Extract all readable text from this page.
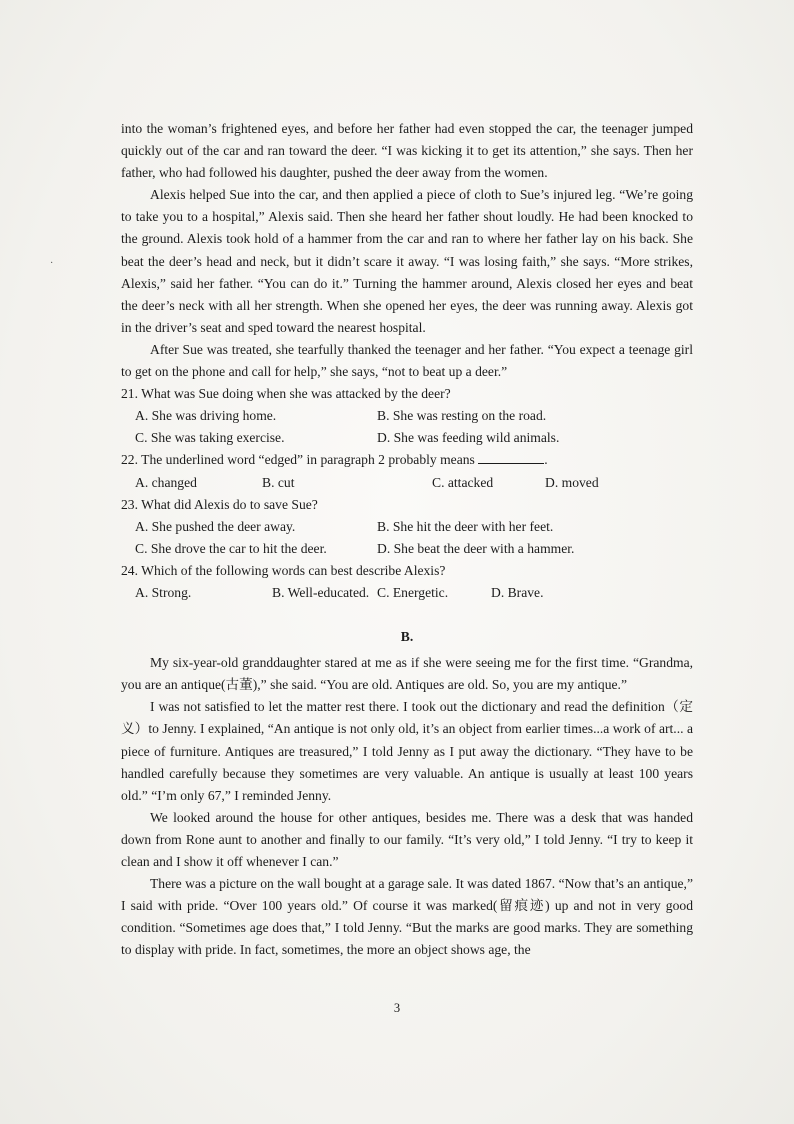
·

into the woman’s frightened eyes, and before her father had even stopped the car, the teenager jumped quickly out of the car and ran toward the deer. “I was kicking it to get its attention,” she says. Then her father, who had followed his daughter, pushed the deer away from the women.

Alexis helped Sue into the car, and then applied a piece of cloth to Sue’s injured leg. “We’re going to take you to a hospital,” Alexis said. Then she heard her father shout loudly. He had been knocked to the ground. Alexis took hold of a hammer from the car and ran to where her father lay on his back. She beat the deer’s head and neck, but it didn’t scare it away. “I was losing faith,” she says. “More strikes, Alexis,” said her father. “You can do it.” Turning the hammer around, Alexis closed her eyes and beat the deer’s neck with all her strength. When she opened her eyes, the deer was running away. Alexis got in the driver’s seat and sped toward the nearest hospital.

After Sue was treated, she tearfully thanked the teenager and her father. “You expect a teenage girl to get on the phone and call for help,” she says, “not to beat up a deer.”

21. What was Sue doing when she was attacked by the deer?
A. She was driving home.	B. She was resting on the road.
C. She was taking exercise.	D. She was feeding wild animals.
22. The underlined word “edged” in paragraph 2 probably means	.
A. changed	B. cut	C. attacked	D. moved
23. What did Alexis do to save Sue?
A. She pushed the deer away.	B. She hit the deer with her feet.
C. She drove the car to hit the deer.	D. She beat the deer with a hammer.
24. Which of the following words can best describe Alexis?
A. Strong.	B. Well-educated. C. Energetic.	D. Brave.
B.

My six-year-old granddaughter stared at me as if she were seeing me for the first time. “Grandma, you are an antique(古董),” she said. “You are old. Antiques are old. So, you are my antique.”

I was not satisfied to let the matter rest there. I took out the dictionary and read the definition（定义）to Jenny. I explained, “An antique is not only old, it’s an object from earlier times...a work of art... a piece of furniture. Antiques are treasured,” I told Jenny as I put away the dictionary. “They have to be handled carefully because they sometimes are very valuable. An antique is usually at least 100 years old.” “I’m only 67,” I reminded Jenny.

We looked around the house for other antiques, besides me. There was a desk that was handed down from Rone aunt to another and finally to our family. “It’s very old,” I told Jenny. “I try to keep it clean and I show it off whenever I can.”

There was a picture on the wall bought at a garage sale. It was dated 1867. “Now that’s an antique,” I said with pride. “Over 100 years old.” Of course it was marked(留痕迹) up and not in very good condition. “Sometimes age does that,” I told Jenny. “But the marks are good marks. They are something to display with pride. In fact, sometimes, the more an object shows age, the

3
